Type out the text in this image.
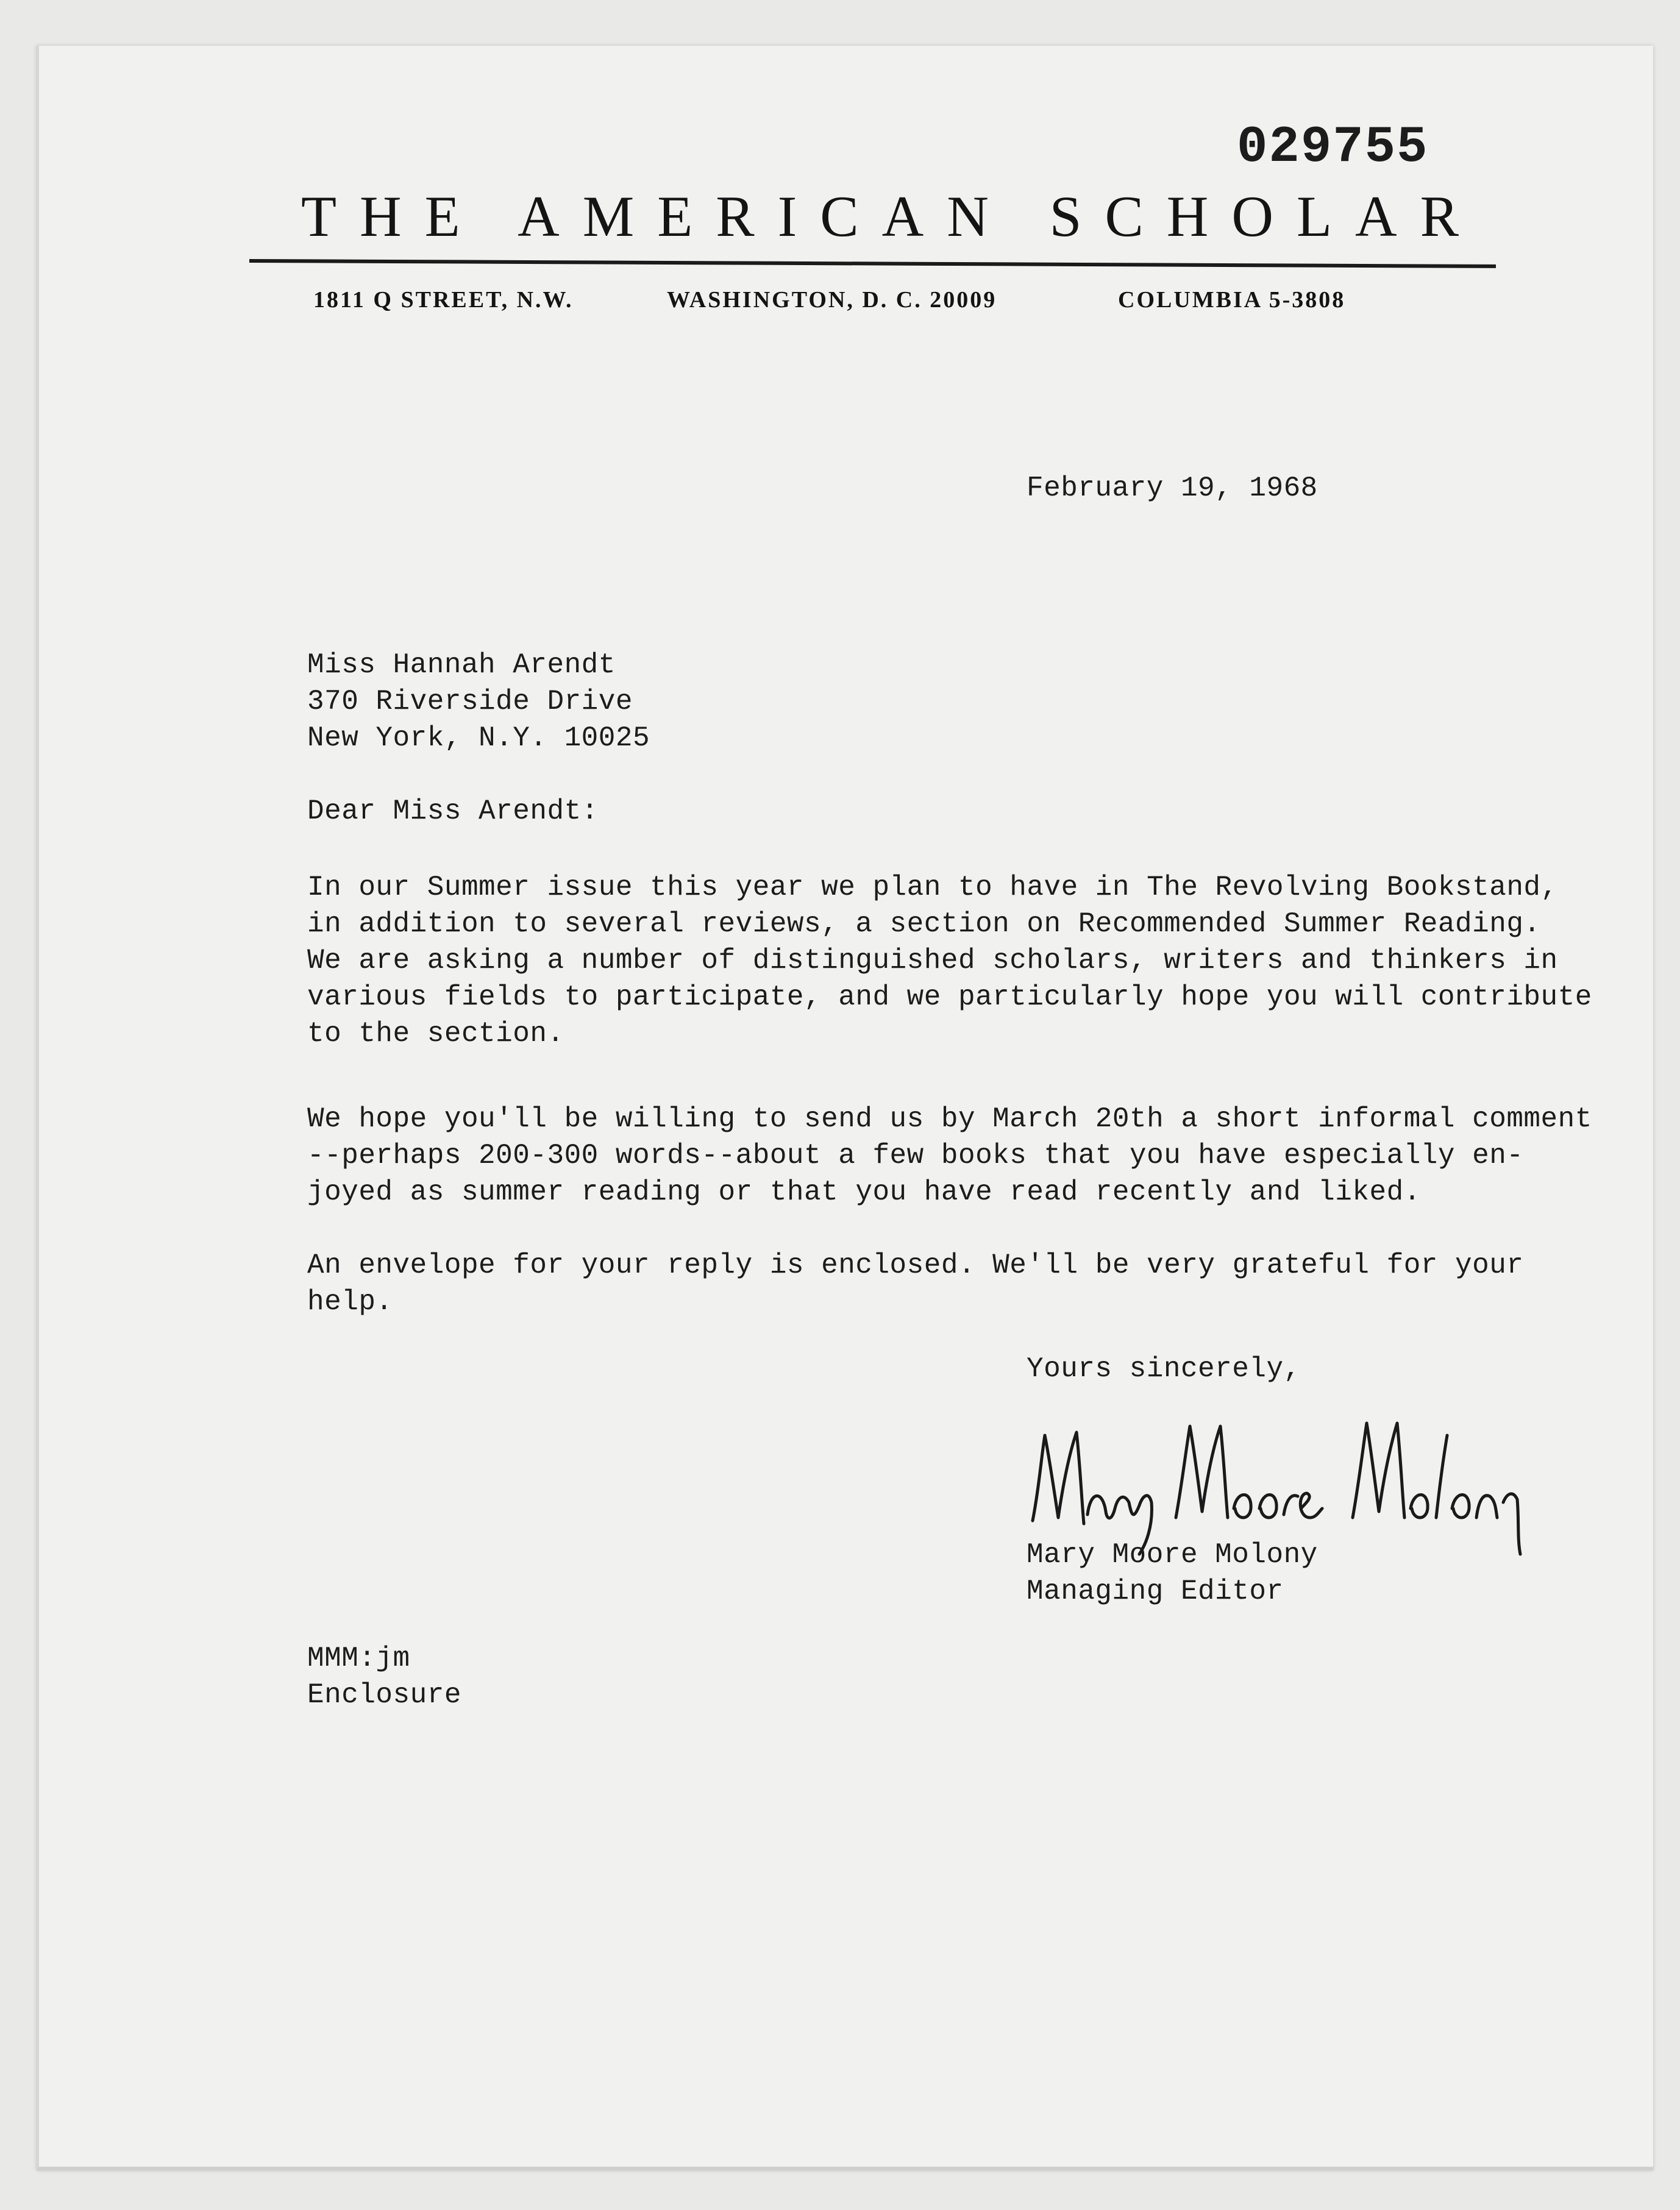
029755
THE AMERICAN SCHOLAR
1811 Q STREET, N.W.	WASHINGTON, D. C. 20009	COLUMBIA 5-3808
February 19, 1968
Miss Hannah Arendt
370 Riverside Drive
New York, N.Y. 10025
Dear Miss Arendt:
In our Summer issue this year we plan to have in The Revolving Bookstand,
in addition to several reviews, a section on Recommended Summer Reading.
We are asking a number of distinguished scholars, writers and thinkers in
various fields to participate, and we particularly hope you will contribute
to the section.
We hope you'll be willing to send us by March 20th a short informal comment
--perhaps 200-300 words--about a few books that you have especially en-
joyed as summer reading or that you have read recently and liked.
An envelope for your reply is enclosed. We'll be very grateful for your
help.
Yours sincerely,
Mary Moore Molony
Managing Editor
MMM:jm
Enclosure
